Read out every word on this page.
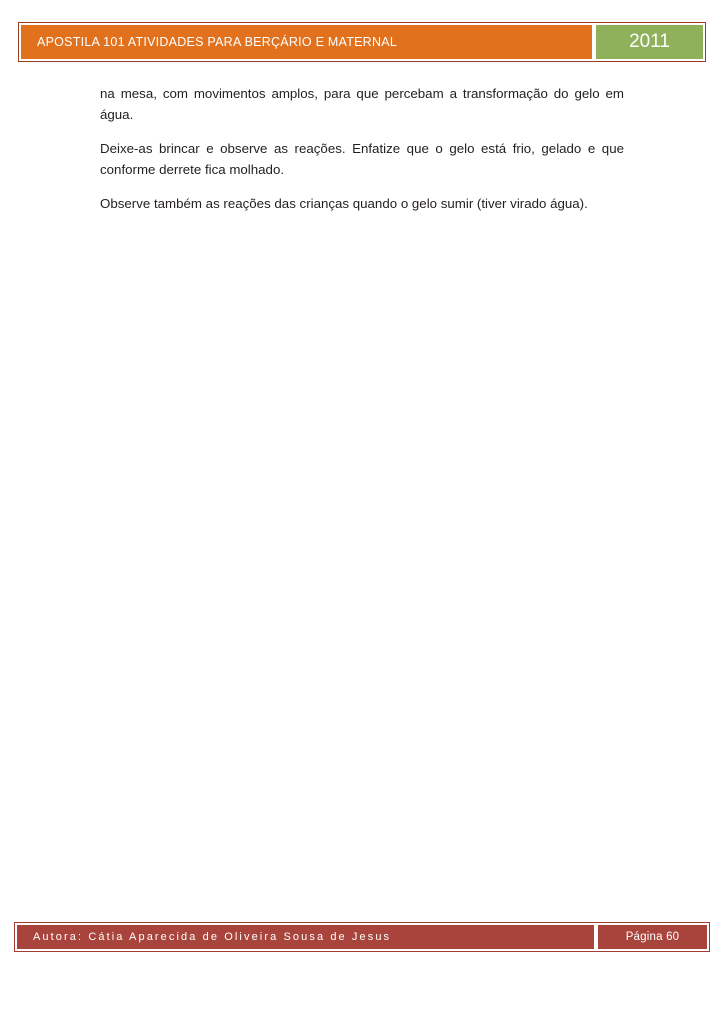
APOSTILA 101 ATIVIDADES PARA BERÇÁRIO E MATERNAL	2011

na mesa, com movimentos amplos, para que percebam a transformação do gelo em água.

Deixe-as brincar e observe as reações. Enfatize que o gelo está frio, gelado e que conforme derrete fica molhado.

Observe também as reações das crianças quando o gelo sumir (tiver virado água).

Autora: Cátia Aparecida de Oliveira Sousa de Jesus	Página 60
